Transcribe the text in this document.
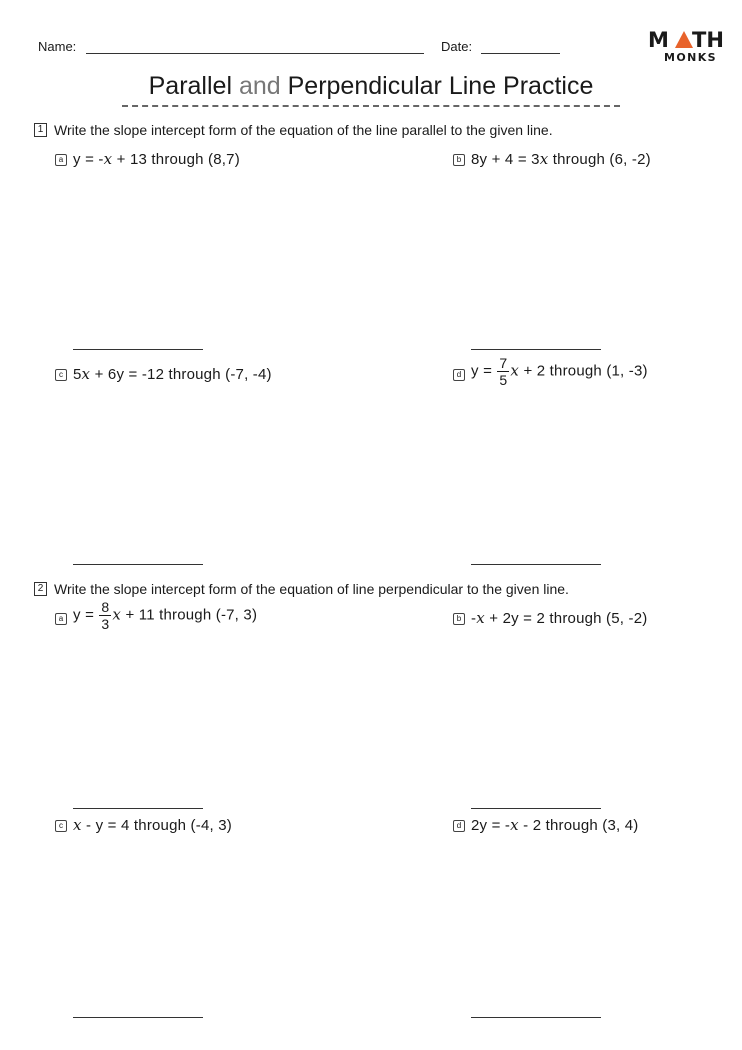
Name:	Date:	M TH
MONKS
Parallel and Perpendicular Line Practice
1 Write the slope intercept form of the equation of the line parallel to the given line.
a y = -x + 13 through (8,7)	b 8y + 4 = 3x through (6, -2)
c 5x + 6y = -12 through (-7, -4)	d $y = \frac{7}{5}$ x + 2 through (1, -3)
2 Write the slope intercept form of the equation of line perpendicular to the given line.
a $y = \frac{8}{3}$ x + 11 through (-7, 3)	b -x + 2y = 2 through (5, -2)
c x - y = 4 through (-4, 3)	d 2y = -x - 2 through (3, 4)
